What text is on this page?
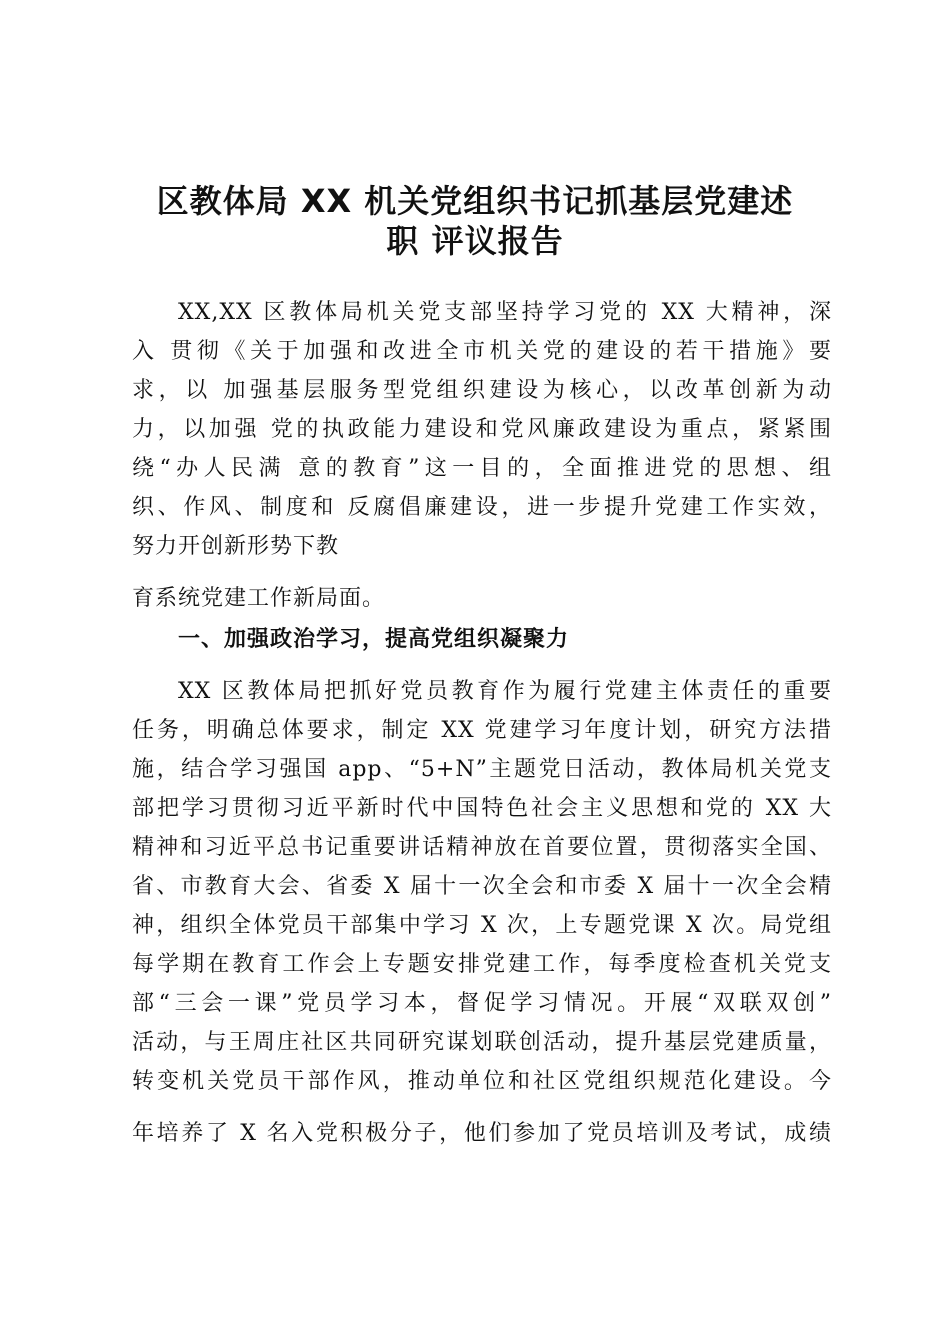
区教体局 XX 机关党组织书记抓基层党建述
职 评议报告
XX,XX 区教体局机关党支部坚持学习党的 XX 大精神，深
入 贯彻《关于加强和改进全市机关党的建设的若干措施》要
求，以 加强基层服务型党组织建设为核心，以改革创新为动
力，以加强 党的执政能力建设和党风廉政建设为重点，紧紧围
绕“办人民满 意的教育”这一目的，全面推进党的思想、组
织、作风、制度和 反腐倡廉建设，进一步提升党建工作实效，
努力开创新形势下教
育系统党建工作新局面。
一、加强政治学习，提高党组织凝聚力
XX 区教体局把抓好党员教育作为履行党建主体责任的重要
任务，明确总体要求，制定 XX 党建学习年度计划，研究方法措
施，结合学习强国 app、“5+N”主题党日活动，教体局机关党支
部把学习贯彻习近平新时代中国特色社会主义思想和党的 XX 大
精神和习近平总书记重要讲话精神放在首要位置，贯彻落实全国、
省、市教育大会、省委 X 届十一次全会和市委 X 届十一次全会精
神，组织全体党员干部集中学习 X 次，上专题党课 X 次。局党组
每学期在教育工作会上专题安排党建工作，每季度检查机关党支
部“三会一课”党员学习本，督促学习情况。开展“双联双创”
活动，与王周庄社区共同研究谋划联创活动，提升基层党建质量，
转变机关党员干部作风，推动单位和社区党组织规范化建设。今
年培养了 X 名入党积极分子，他们参加了党员培训及考试，成绩
